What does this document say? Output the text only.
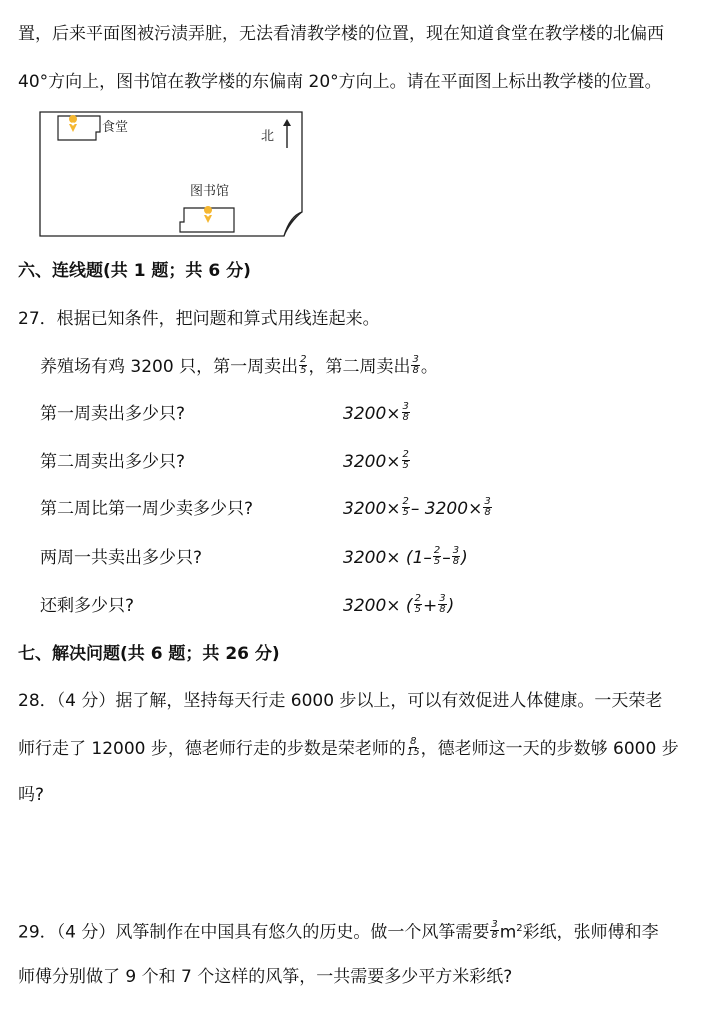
置，后来平面图被污渍弄脏，无法看清教学楼的位置，现在知道食堂在教学楼的北偏西
40°方向上，图书馆在教学楼的东偏南 20°方向上。请在平面图上标出教学楼的位置。
食堂
北
图书馆
六、连线题(共 1 题；共 6 分)
27．根据已知条件，把问题和算式用线连起来。
养殖场有鸡 3200 只，第一周卖出 $\frac{2}{5}$ ，第二周卖出 $\frac{3}{8}$ 。
第一周卖出多少只?
第二周卖出多少只?
第二周比第一周少卖多少只?
两周一共卖出多少只?
还剩多少只?
$3200\times \frac{3}{8}$
$3200\times \frac{2}{5}$
$3200\times \frac{2}{5} - 3200\times \frac{3}{8}$
$3200\times (1- \frac{2}{5} - \frac{3}{8}$ )
3200× ( $\frac{2}{5} + \frac{3}{8}$ )
七、解决问题(共 6 题；共 26 分)
28．（4 分）据了解，坚持每天行走 6000 步以上，可以有效促进人体健康。一天荣老
师行走了 12000 步，德老师行走的步数是荣老师的 $\frac{8}{15}$ ，德老师这一天的步数够 6000 步
吗?
29．（4 分）风筝制作在中国具有悠久的历史。做一个风筝需要 $\frac{3}{8} m^2$彩纸，张师傅和李
师傅分别做了 9 个和 7 个这样的风筝，一共需要多少平方米彩纸?
